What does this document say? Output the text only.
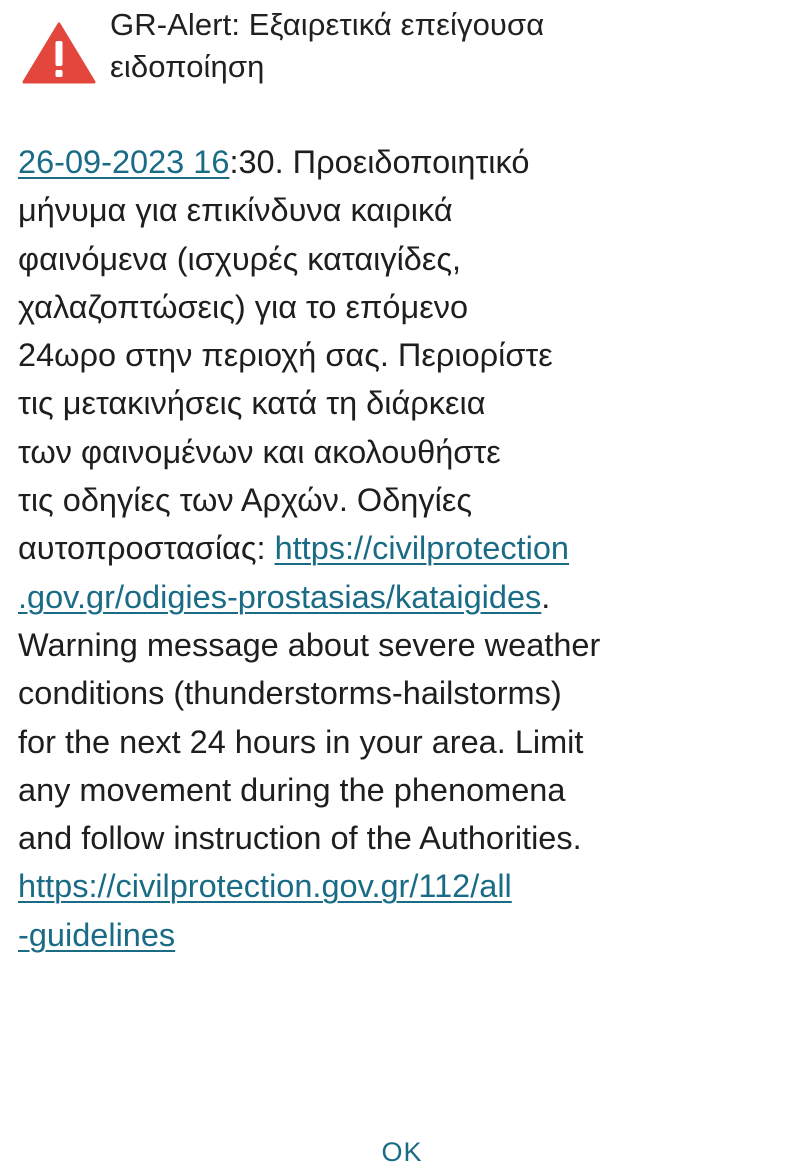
GR-Alert: Εξαιρετικά επείγουσα
ειδοποίηση
26-09-2023 16:30. Προειδοποιητικό
μήνυμα για επικίνδυνα καιρικά
φαινόμενα (ισχυρές καταιγίδες,
χαλαζοπτώσεις) για το επόμενο
24ωρο στην περιοχή σας. Περιορίστε
τις μετακινήσεις κατά τη διάρκεια
των φαινομένων και ακολουθήστε
τις οδηγίες των Αρχών. Οδηγίες
αυτοπροστασίας: https://civilprotection
.gov.gr/odigies-prostasias/kataigides.
Warning message about severe weather
conditions (thunderstorms-hailstorms)
for the next 24 hours in your area. Limit
any movement during the phenomena
and follow instruction of the Authorities.
https://civilprotection.gov.gr/112/all
-guidelines
OK
